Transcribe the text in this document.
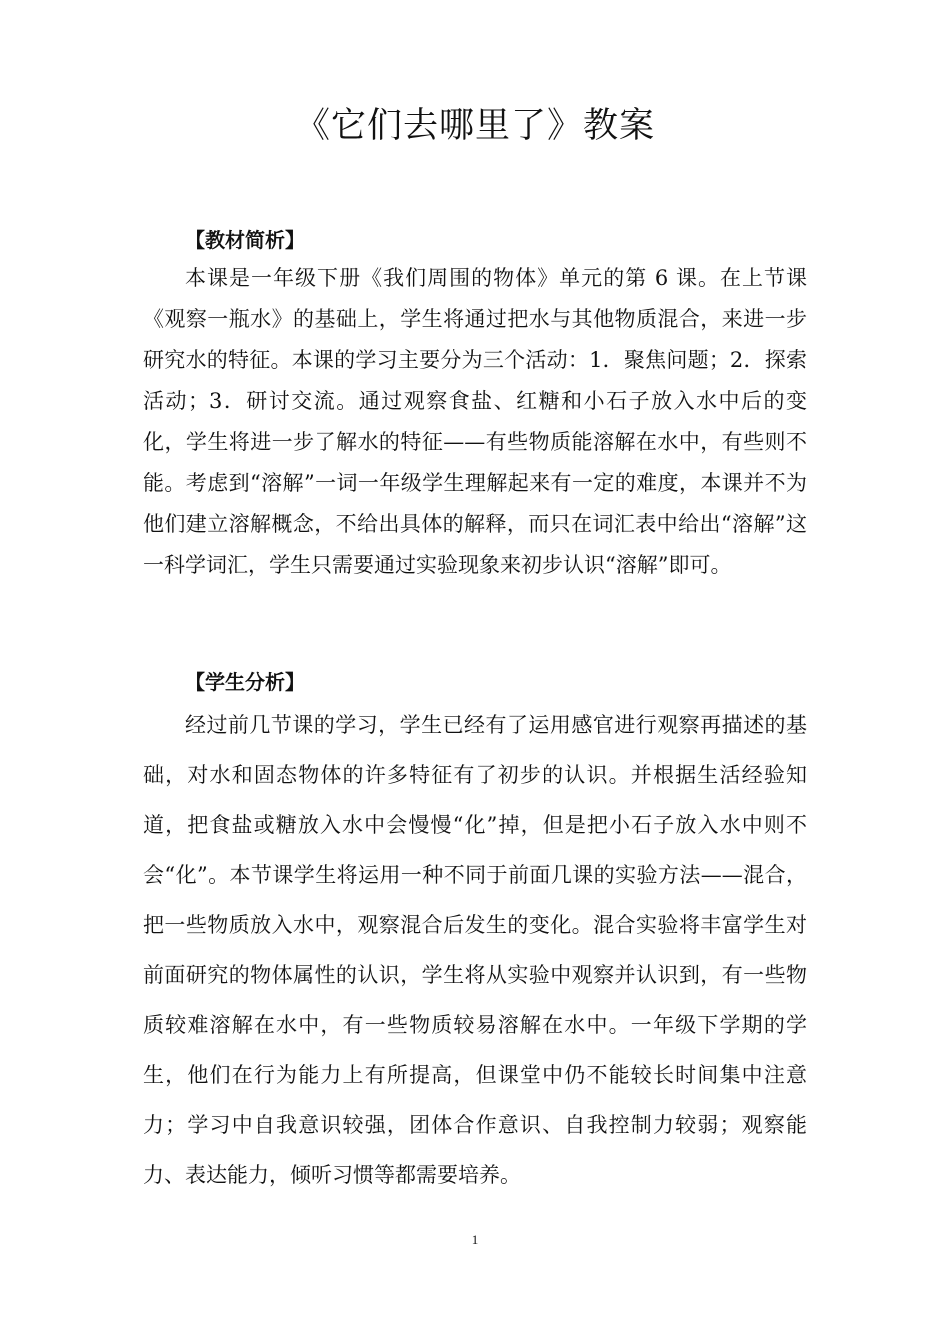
《它们去哪里了》教案
【教材简析】

本课是一年级下册《我们周围的物体》单元的第 6 课。在上节课《观察一瓶水》的基础上，学生将通过把水与其他物质混合，来进一步研究水的特征。本课的学习主要分为三个活动：1．聚焦问题；2．探索活动；3．研讨交流。通过观察食盐、红糖和小石子放入水中后的变化，学生将进一步了解水的特征——有些物质能溶解在水中，有些则不能。考虑到“溶解”一词一年级学生理解起来有一定的难度，本课并不为他们建立溶解概念，不给出具体的解释，而只在词汇表中给出“溶解”这一科学词汇，学生只需要通过实验现象来初步认识“溶解”即可。

【学生分析】

经过前几节课的学习，学生已经有了运用感官进行观察再描述的基础，对水和固态物体的许多特征有了初步的认识。并根据生活经验知道，把食盐或糖放入水中会慢慢“化”掉，但是把小石子放入水中则不会“化”。本节课学生将运用一种不同于前面几课的实验方法——混合，把一些物质放入水中，观察混合后发生的变化。混合实验将丰富学生对前面研究的物体属性的认识，学生将从实验中观察并认识到，有一些物质较难溶解在水中，有一些物质较易溶解在水中。一年级下学期的学生，他们在行为能力上有所提高，但课堂中仍不能较长时间集中注意力；学习中自我意识较强，团体合作意识、自我控制力较弱；观察能力、表达能力，倾听习惯等都需要培养。

1
